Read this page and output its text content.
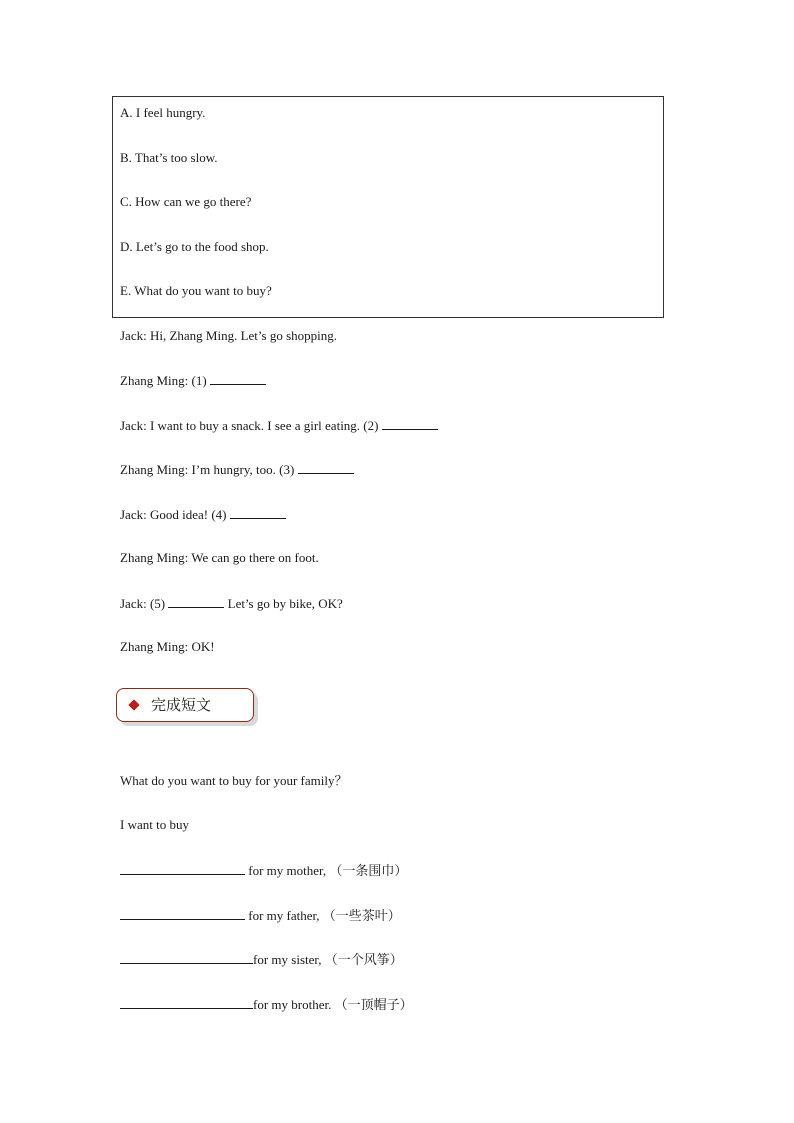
A. I feel hungry.
B. That’s too slow.
C. How can we go there?
D. Let’s go to the food shop.
E. What do you want to buy?
Jack: Hi, Zhang Ming. Let’s go shopping.
Zhang Ming: (1)
Jack: I want to buy a snack. I see a girl eating. (2)
Zhang Ming: I’m hungry, too. (3)
Jack: Good idea! (4)
Zhang Ming: We can go there on foot.
Jack: (5)	Let’s go by bike, OK?
Zhang Ming: OK!
完成短文
What do you want to buy for your family？
I want to buy
for my mother, （一条围巾）
for my father, （一些茶叶）
for my sister, （一个风筝）
for my brother. （一顶帽子）
